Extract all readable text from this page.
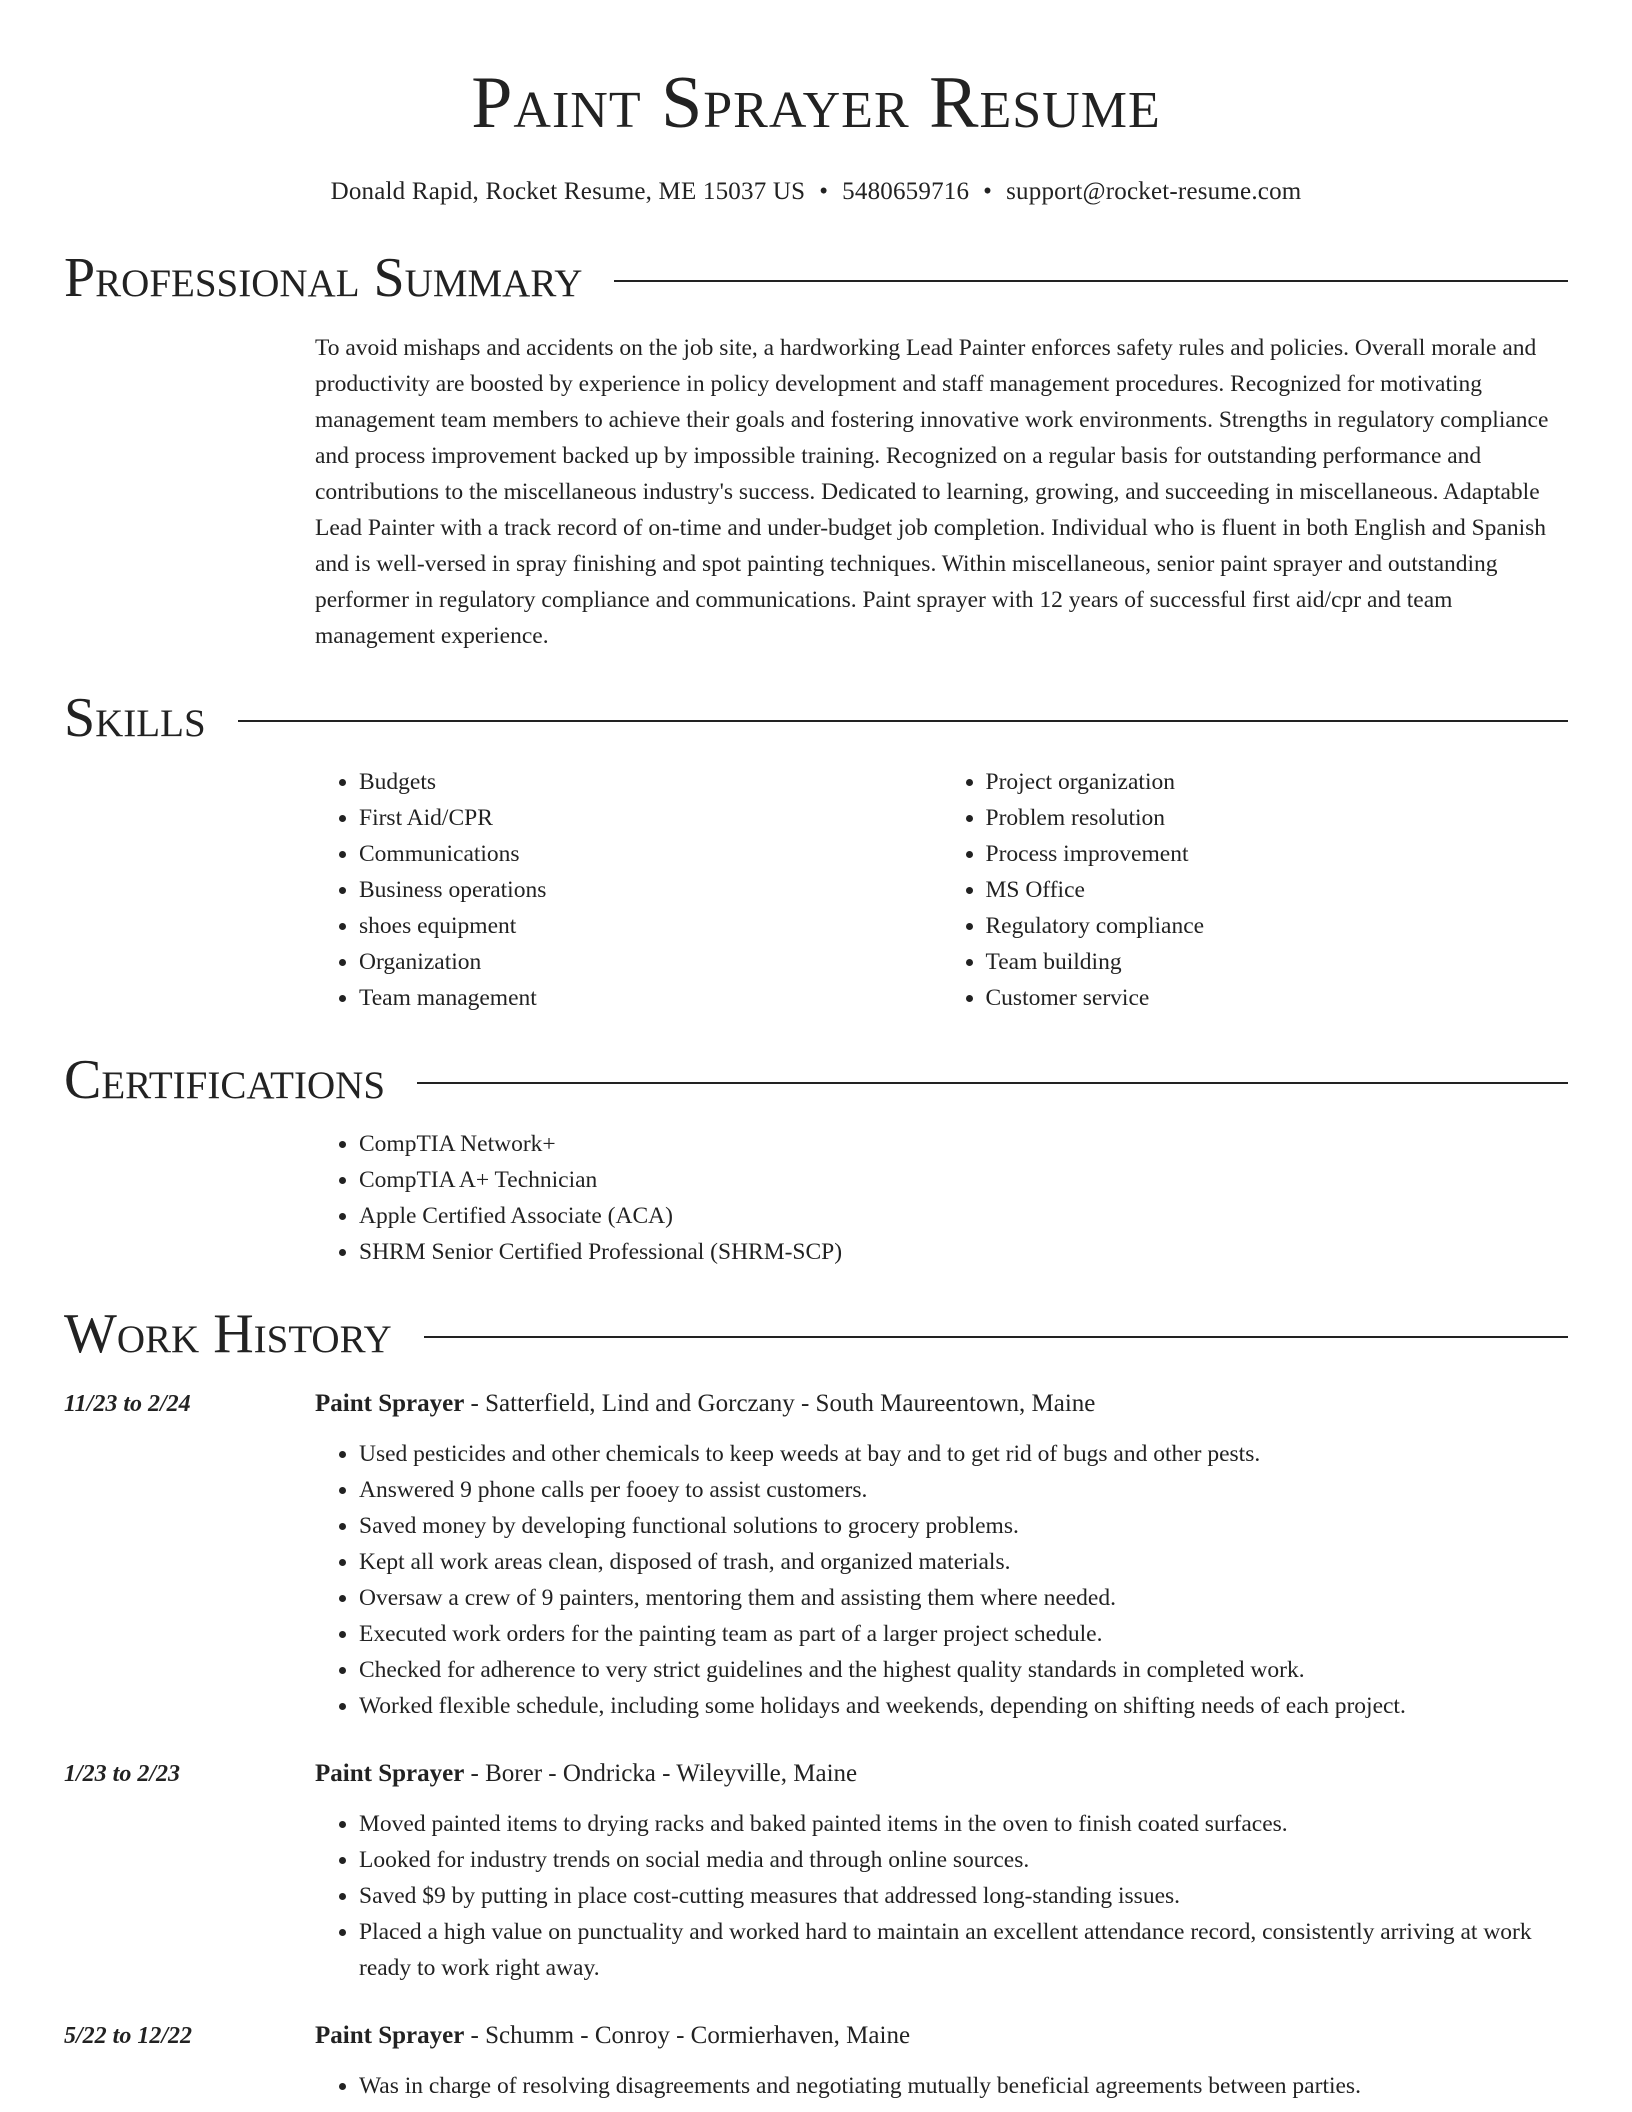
Paint Sprayer Resume
Donald Rapid, Rocket Resume, ME 15037 US • 5480659716 • support@rocket-resume.com
Professional Summary
To avoid mishaps and accidents on the job site, a hardworking Lead Painter enforces safety rules and policies. Overall morale and productivity are boosted by experience in policy development and staff management procedures. Recognized for motivating management team members to achieve their goals and fostering innovative work environments. Strengths in regulatory compliance and process improvement backed up by impossible training. Recognized on a regular basis for outstanding performance and contributions to the miscellaneous industry's success. Dedicated to learning, growing, and succeeding in miscellaneous. Adaptable Lead Painter with a track record of on-time and under-budget job completion. Individual who is fluent in both English and Spanish and is well-versed in spray finishing and spot painting techniques. Within miscellaneous, senior paint sprayer and outstanding performer in regulatory compliance and communications. Paint sprayer with 12 years of successful first aid/cpr and team management experience.
Skills
• Budgets
• First Aid/CPR
• Communications
• Business operations
• shoes equipment
• Organization
• Team management
• Project organization
• Problem resolution
• Process improvement
• MS Office
• Regulatory compliance
• Team building
• Customer service
Certifications
• CompTIA Network+
• CompTIA A+ Technician
• Apple Certified Associate (ACA)
• SHRM Senior Certified Professional (SHRM-SCP)
Work History
11/23 to 2/24	Paint Sprayer - Satterfield, Lind and Gorczany - South Maureentown, Maine
• Used pesticides and other chemicals to keep weeds at bay and to get rid of bugs and other pests.
• Answered 9 phone calls per fooey to assist customers.
• Saved money by developing functional solutions to grocery problems.
• Kept all work areas clean, disposed of trash, and organized materials.
• Oversaw a crew of 9 painters, mentoring them and assisting them where needed.
• Executed work orders for the painting team as part of a larger project schedule.
• Checked for adherence to very strict guidelines and the highest quality standards in completed work.
• Worked flexible schedule, including some holidays and weekends, depending on shifting needs of each project.
1/23 to 2/23	Paint Sprayer - Borer - Ondricka - Wileyville, Maine
• Moved painted items to drying racks and baked painted items in the oven to finish coated surfaces.
• Looked for industry trends on social media and through online sources.
• Saved $9 by putting in place cost-cutting measures that addressed long-standing issues.
• Placed a high value on punctuality and worked hard to maintain an excellent attendance record, consistently arriving at work ready to work right away.
5/22 to 12/22	Paint Sprayer - Schumm - Conroy - Cormierhaven, Maine
• Was in charge of resolving disagreements and negotiating mutually beneficial agreements between parties.
